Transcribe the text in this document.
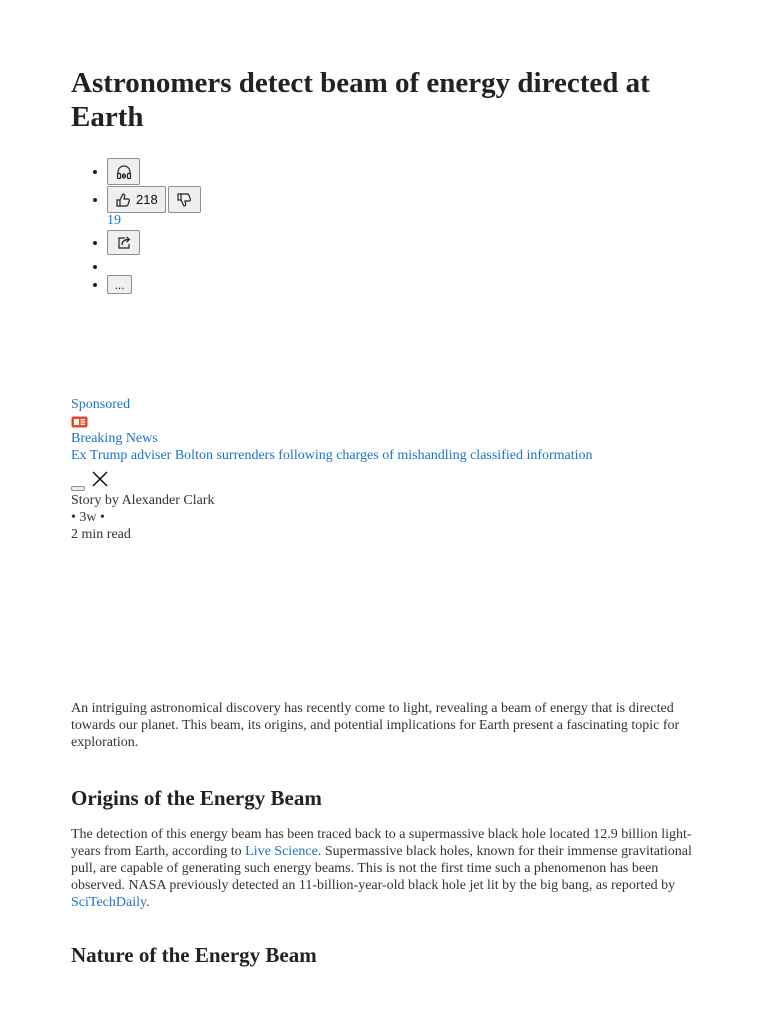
Astronomers detect beam of energy directed at Earth
•
• 218
19
•
•
• ...
Sponsored
Breaking News
Ex Trump adviser Bolton surrenders following charges of mishandling classified information
Story by Alexander Clark
• 3w •
2 min read

An intriguing astronomical discovery has recently come to light, revealing a beam of energy that is directed towards our planet. This beam, its origins, and potential implications for Earth present a fascinating topic for exploration.

Origins of the Energy Beam

The detection of this energy beam has been traced back to a supermassive black hole located 12.9 billion light-years from Earth, according to Live Science. Supermassive black holes, known for their immense gravitational pull, are capable of generating such energy beams. This is not the first time such a phenomenon has been observed. NASA previously detected an 11-billion-year-old black hole jet lit by the big bang, as reported by SciTechDaily.

Nature of the Energy Beam
